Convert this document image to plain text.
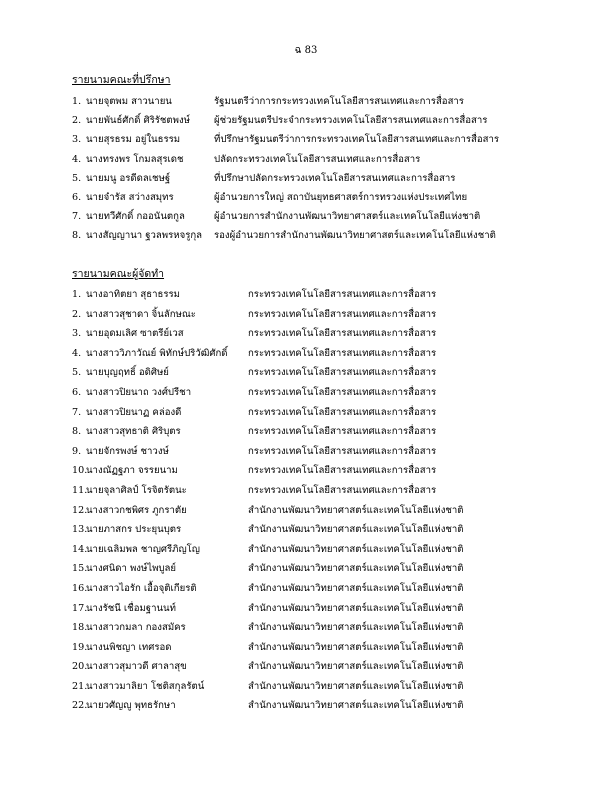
ฉ 83
รายนามคณะที่ปรึกษา
1. นายจุตพม สาวนายน	รัฐมนตรีว่าการกระทรวงเทคโนโลยีสารสนเทศและการสื่อสาร
2. นายพันธ์ศักดิ์ ศิริรัชตพงษ์	ผู้ช่วยรัฐมนตรีประจำกระทรวงเทคโนโลยีสารสนเทศและการสื่อสาร
3. นายสุรธรม อยู่ในธรรม	ที่ปรึกษารัฐมนตรีว่าการกระทรวงเทคโนโลยีสารสนเทศและการสื่อสาร
4. นางทรงพร โกมลสุรเดช	ปลัดกระทรวงเทคโนโลยีสารสนเทศและการสื่อสาร
5. นายมนู อรดีดลเชษฐ์	ที่ปรึกษาปลัดกระทรวงเทคโนโลยีสารสนเทศและการสื่อสาร
6. นายจำรัส สว่างสมุทร	ผู้อำนวยการใหญ่ สถาบันยุทธศาสตร์การทรวงแห่งประเทศไทย
7. นายทวีศักดิ์ กออนันตกูล	ผู้อำนวยการสำนักงานพัฒนาวิทยาศาสตร์และเทคโนโลยีแห่งชาติ
8. นางสัญญานา ฐวลพรหจรูกุล รองผู้อำนวยการสำนักงานพัฒนาวิทยาศาสตร์และเทคโนโลยีแห่งชาติ
รายนามคณะผู้จัดทำ
1. นางอาทิตยา สุธาธรรม	กระทรวงเทคโนโลยีสารสนเทศและการสื่อสาร
2. นางสาวสุชาดา จิ้นลักษณะ	กระทรวงเทคโนโลยีสารสนเทศและการสื่อสาร
3. นายอุดมเลิศ ซาตรีย์เวส	กระทรวงเทคโนโลยีสารสนเทศและการสื่อสาร
4. นางสาววิภาวัณย์ พิทักษ์ปริวัฒิศักดิ์ กระทรวงเทคโนโลยีสารสนเทศและการสื่อสาร
5. นายบุญฤทธิ์ อดิศิษย์	กระทรวงเทคโนโลยีสารสนเทศและการสื่อสาร
6. นางสาวปิยนาถ วงศ์ปรีชา	กระทรวงเทคโนโลยีสารสนเทศและการสื่อสาร
7. นางสาวปิยนาฏ คล่องดี	กระทรวงเทคโนโลยีสารสนเทศและการสื่อสาร
8. นางสาวสุทธาติ ศิริบุตร	กระทรวงเทคโนโลยีสารสนเทศและการสื่อสาร
9. นายจักรพงษ์ ชาวงษ์	กระทรวงเทคโนโลยีสารสนเทศและการสื่อสาร
10.นางณัฏฐภา จรรยนาม	กระทรวงเทคโนโลยีสารสนเทศและการสื่อสาร
11.นายจุลาศิลป์ โรจิตรัตนะ	กระทรวงเทคโนโลยีสารสนเทศและการสื่อสาร
12.นางสาวกชพิศร ภูกราตัย	สำนักงานพัฒนาวิทยาศาสตร์และเทคโนโลยีแห่งชาติ
13.นายภาสกร ประยุนบุตร	สำนักงานพัฒนาวิทยาศาสตร์และเทคโนโลยีแห่งชาติ
14.นายเฉลิมพล ชาญศรีภิญโญ	สำนักงานพัฒนาวิทยาศาสตร์และเทคโนโลยีแห่งชาติ
15.นางศนิดา พงษ์ไพบูลย์	สำนักงานพัฒนาวิทยาศาสตร์และเทคโนโลยีแห่งชาติ
16.นางสาวไอรัก เอื้อจุติเกียรติ	สำนักงานพัฒนาวิทยาศาสตร์และเทคโนโลยีแห่งชาติ
17.นางรัชนี เชื่อมฐานนท์	สำนักงานพัฒนาวิทยาศาสตร์และเทคโนโลยีแห่งชาติ
18.นางสาวกมลา กองสมัคร	สำนักงานพัฒนาวิทยาศาสตร์และเทคโนโลยีแห่งชาติ
19.นางนพิชญา เทศรอด	สำนักงานพัฒนาวิทยาศาสตร์และเทคโนโลยีแห่งชาติ
20.นางสาวสุมาวดี ศาลาสุข	สำนักงานพัฒนาวิทยาศาสตร์และเทคโนโลยีแห่งชาติ
21.นางสาวมาลิยา โชติสกุลรัตน์	สำนักงานพัฒนาวิทยาศาสตร์และเทคโนโลยีแห่งชาติ
22.นายวศัญญู พุทธรักษา	สำนักงานพัฒนาวิทยาศาสตร์และเทคโนโลยีแห่งชาติ
